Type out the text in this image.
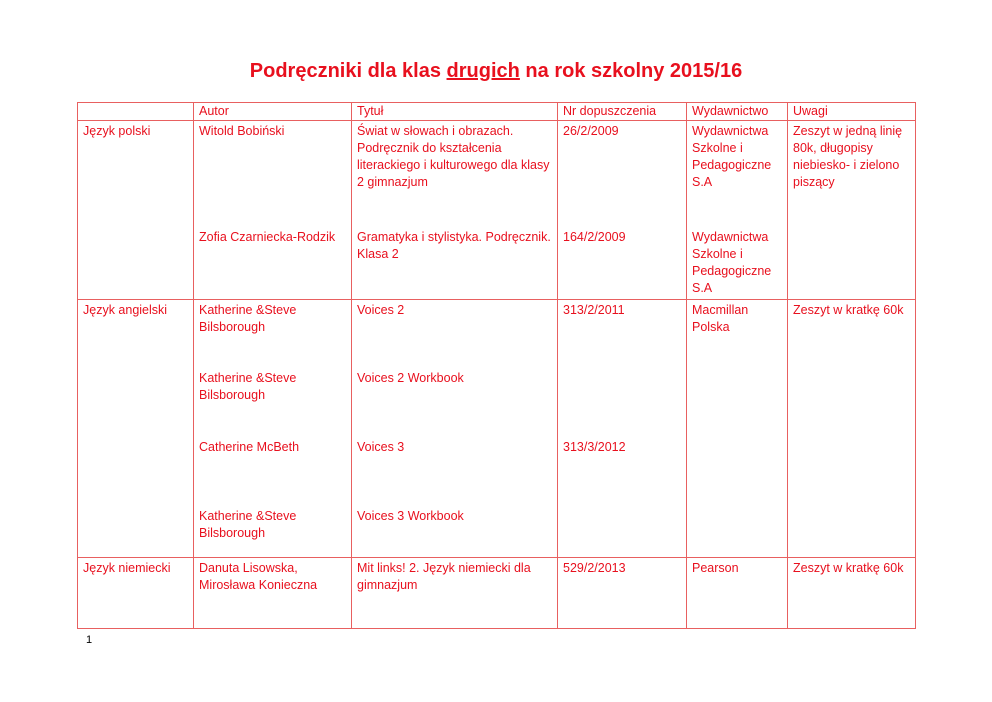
Podręczniki dla klas drugich na rok szkolny 2015/16
	Autor	Tytuł	Nr dopuszczenia	Wydawnictwo	Uwagi
Język polski	Witold Bobiński	Świat w słowach i obrazach. Podręcznik do kształcenia literackiego i kulturowego dla klasy 2 gimnazjum	26/2/2009	Wydawnictwa Szkolne i Pedagogiczne S.A	Zeszyt w jedną linię 80k, długopisy niebiesko- i zielono piszący
	Zofia Czarniecka-Rodzik	Gramatyka i stylistyka. Podręcznik. Klasa 2	164/2/2009	Wydawnictwa Szkolne i Pedagogiczne S.A	
Język angielski	Katherine &Steve Bilsborough	Voices 2	313/2/2011	Macmillan Polska	Zeszyt w kratkę 60k
	Katherine &Steve Bilsborough	Voices 2 Workbook			
	Catherine McBeth	Voices 3	313/3/2012		
	Katherine &Steve Bilsborough	Voices 3 Workbook			
Język niemiecki	Danuta Lisowska, Mirosława Konieczna	Mit links! 2. Język niemiecki dla gimnazjum	529/2/2013	Pearson	Zeszyt w kratkę 60k
1
